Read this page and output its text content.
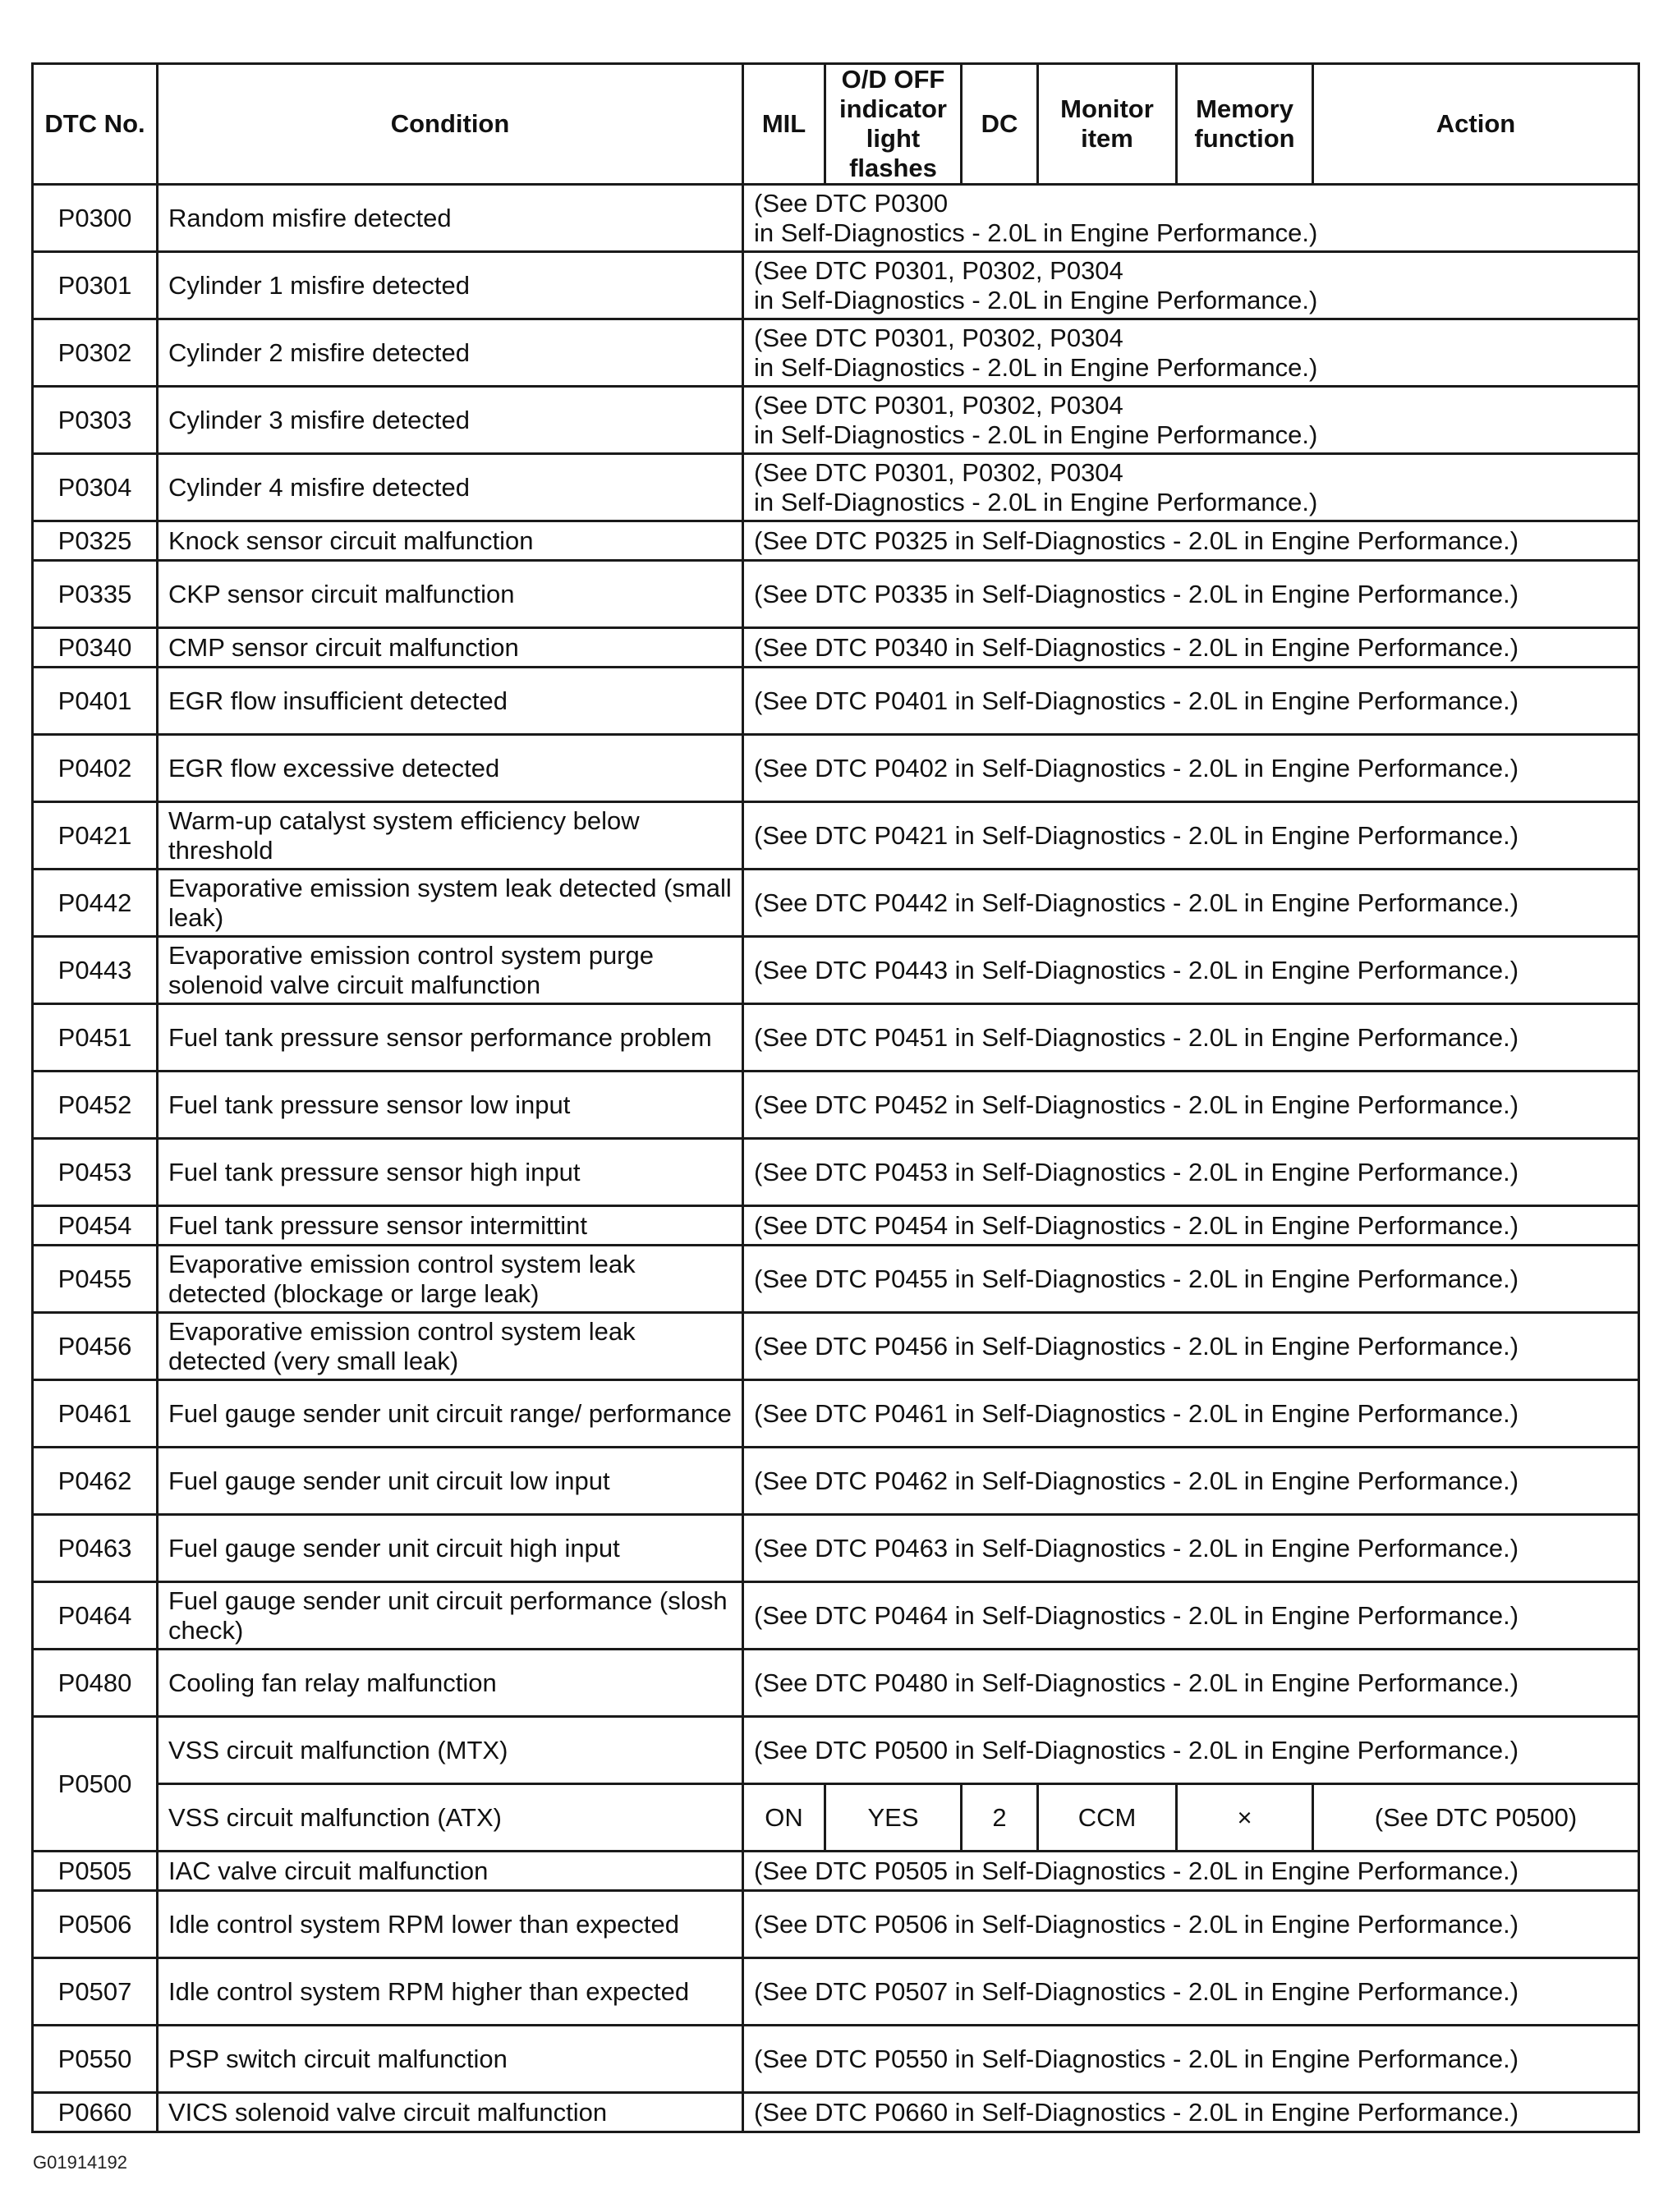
DTC No.	Condition	MIL	O/D OFF indicator light flashes	DC	Monitor item	Memory function	Action
P0300	Random misfire detected	(See DTC P0300
in Self-Diagnostics - 2.0L in Engine Performance.)					

P0301	Cylinder 1 misfire detected	(See DTC P0301, P0302, P0304
in Self-Diagnostics - 2.0L in Engine Performance.)					

P0302	Cylinder 2 misfire detected	(See DTC P0301, P0302, P0304
in Self-Diagnostics - 2.0L in Engine Performance.)					

P0303	Cylinder 3 misfire detected	(See DTC P0301, P0302, P0304
in Self-Diagnostics - 2.0L in Engine Performance.)					

P0304	Cylinder 4 misfire detected	(See DTC P0301, P0302, P0304
in Self-Diagnostics - 2.0L in Engine Performance.)					

P0325	Knock sensor circuit malfunction	(See DTC P0325 in Self-Diagnostics - 2.0L in Engine Performance.)					

P0335	CKP sensor circuit malfunction	(See DTC P0335 in Self-Diagnostics - 2.0L in Engine Performance.)					

P0340	CMP sensor circuit malfunction	(See DTC P0340 in Self-Diagnostics - 2.0L in Engine Performance.)					

P0401	EGR flow insufficient detected	(See DTC P0401 in Self-Diagnostics - 2.0L in Engine Performance.)					

P0402	EGR flow excessive detected	(See DTC P0402 in Self-Diagnostics - 2.0L in Engine Performance.)					

P0421	Warm-up catalyst system efficiency below threshold	(See DTC P0421 in Self-Diagnostics - 2.0L in Engine Performance.)					

P0442	Evaporative emission system leak detected (small leak)	(See DTC P0442 in Self-Diagnostics - 2.0L in Engine Performance.)					

P0443	Evaporative emission control system purge solenoid valve circuit malfunction	(See DTC P0443 in Self-Diagnostics - 2.0L in Engine Performance.)					

P0451	Fuel tank pressure sensor performance problem	(See DTC P0451 in Self-Diagnostics - 2.0L in Engine Performance.)					

P0452	Fuel tank pressure sensor low input	(See DTC P0452 in Self-Diagnostics - 2.0L in Engine Performance.)					

P0453	Fuel tank pressure sensor high input	(See DTC P0453 in Self-Diagnostics - 2.0L in Engine Performance.)					

P0454	Fuel tank pressure sensor intermittint	(See DTC P0454 in Self-Diagnostics - 2.0L in Engine Performance.)					

P0455	Evaporative emission control system leak detected (blockage or large leak)	(See DTC P0455 in Self-Diagnostics - 2.0L in Engine Performance.)					

P0456	Evaporative emission control system leak detected (very small leak)	(See DTC P0456 in Self-Diagnostics - 2.0L in Engine Performance.)					

P0461	Fuel gauge sender unit circuit range/ performance	(See DTC P0461 in Self-Diagnostics - 2.0L in Engine Performance.)					

P0462	Fuel gauge sender unit circuit low input	(See DTC P0462 in Self-Diagnostics - 2.0L in Engine Performance.)					

P0463	Fuel gauge sender unit circuit high input	(See DTC P0463 in Self-Diagnostics - 2.0L in Engine Performance.)					

P0464	Fuel gauge sender unit circuit performance (slosh check)	(See DTC P0464 in Self-Diagnostics - 2.0L in Engine Performance.)					

P0480	Cooling fan relay malfunction	(See DTC P0480 in Self-Diagnostics - 2.0L in Engine Performance.)					

P0500	VSS circuit malfunction (MTX)	(See DTC P0500 in Self-Diagnostics - 2.0L in Engine Performance.)					

	VSS circuit malfunction (ATX)	ON	YES	2	CCM	×	(See DTC P0500)
P0505	IAC valve circuit malfunction	(See DTC P0505 in Self-Diagnostics - 2.0L in Engine Performance.)					

P0506	Idle control system RPM lower than expected	(See DTC P0506 in Self-Diagnostics - 2.0L in Engine Performance.)					

P0507	Idle control system RPM higher than expected	(See DTC P0507 in Self-Diagnostics - 2.0L in Engine Performance.)					

P0550	PSP switch circuit malfunction	(See DTC P0550 in Self-Diagnostics - 2.0L in Engine Performance.)					

P0660	VICS solenoid valve circuit malfunction	(See DTC P0660 in Self-Diagnostics - 2.0L in Engine Performance.)					
G01914192
